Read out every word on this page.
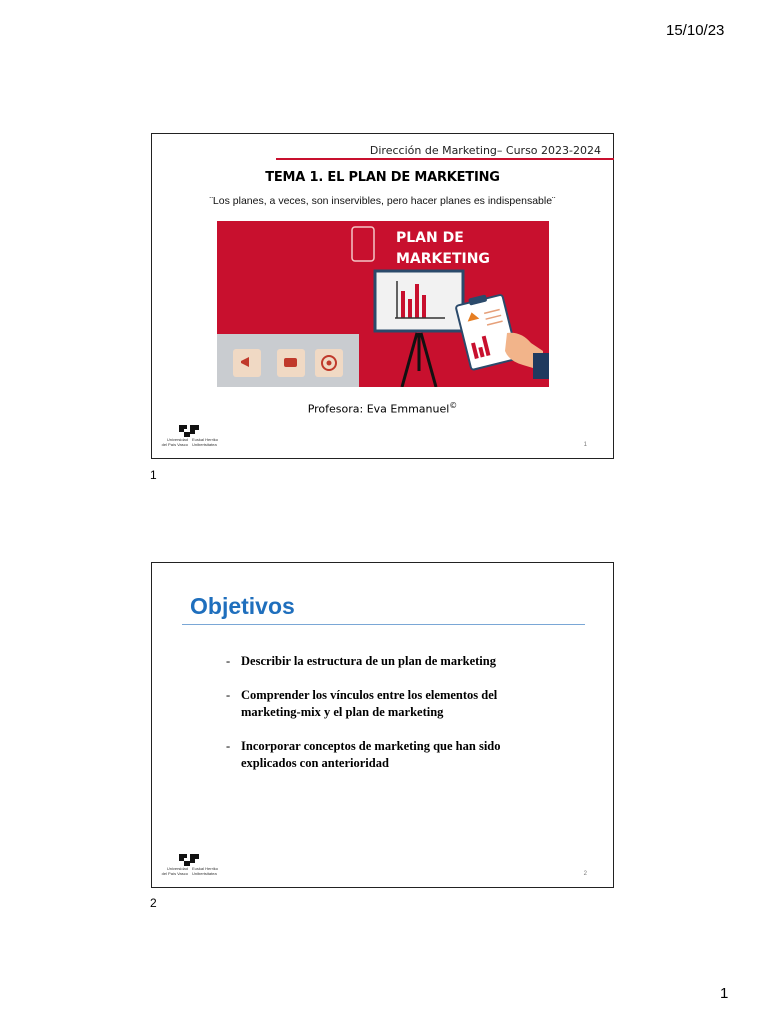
15/10/23
Dirección de Marketing– Curso 2023-2024
TEMA 1. EL PLAN DE MARKETING
¨Los planes, a veces, son inservibles, pero hacer planes es indispensable¨
PLAN DE
MARKETING
Profesora: Eva Emmanuel©
1
Universidad
del País Vasco
Euskal Herriko
Unibertsitatea
1
Objetivos
- Describir la estructura de un plan de marketing
- Comprender los vínculos entre los elementos del marketing-mix y el plan de marketing
- Incorporar conceptos de marketing que han sido explicados con anterioridad
2
Universidad
del País Vasco
Euskal Herriko
Unibertsitatea
2
1
